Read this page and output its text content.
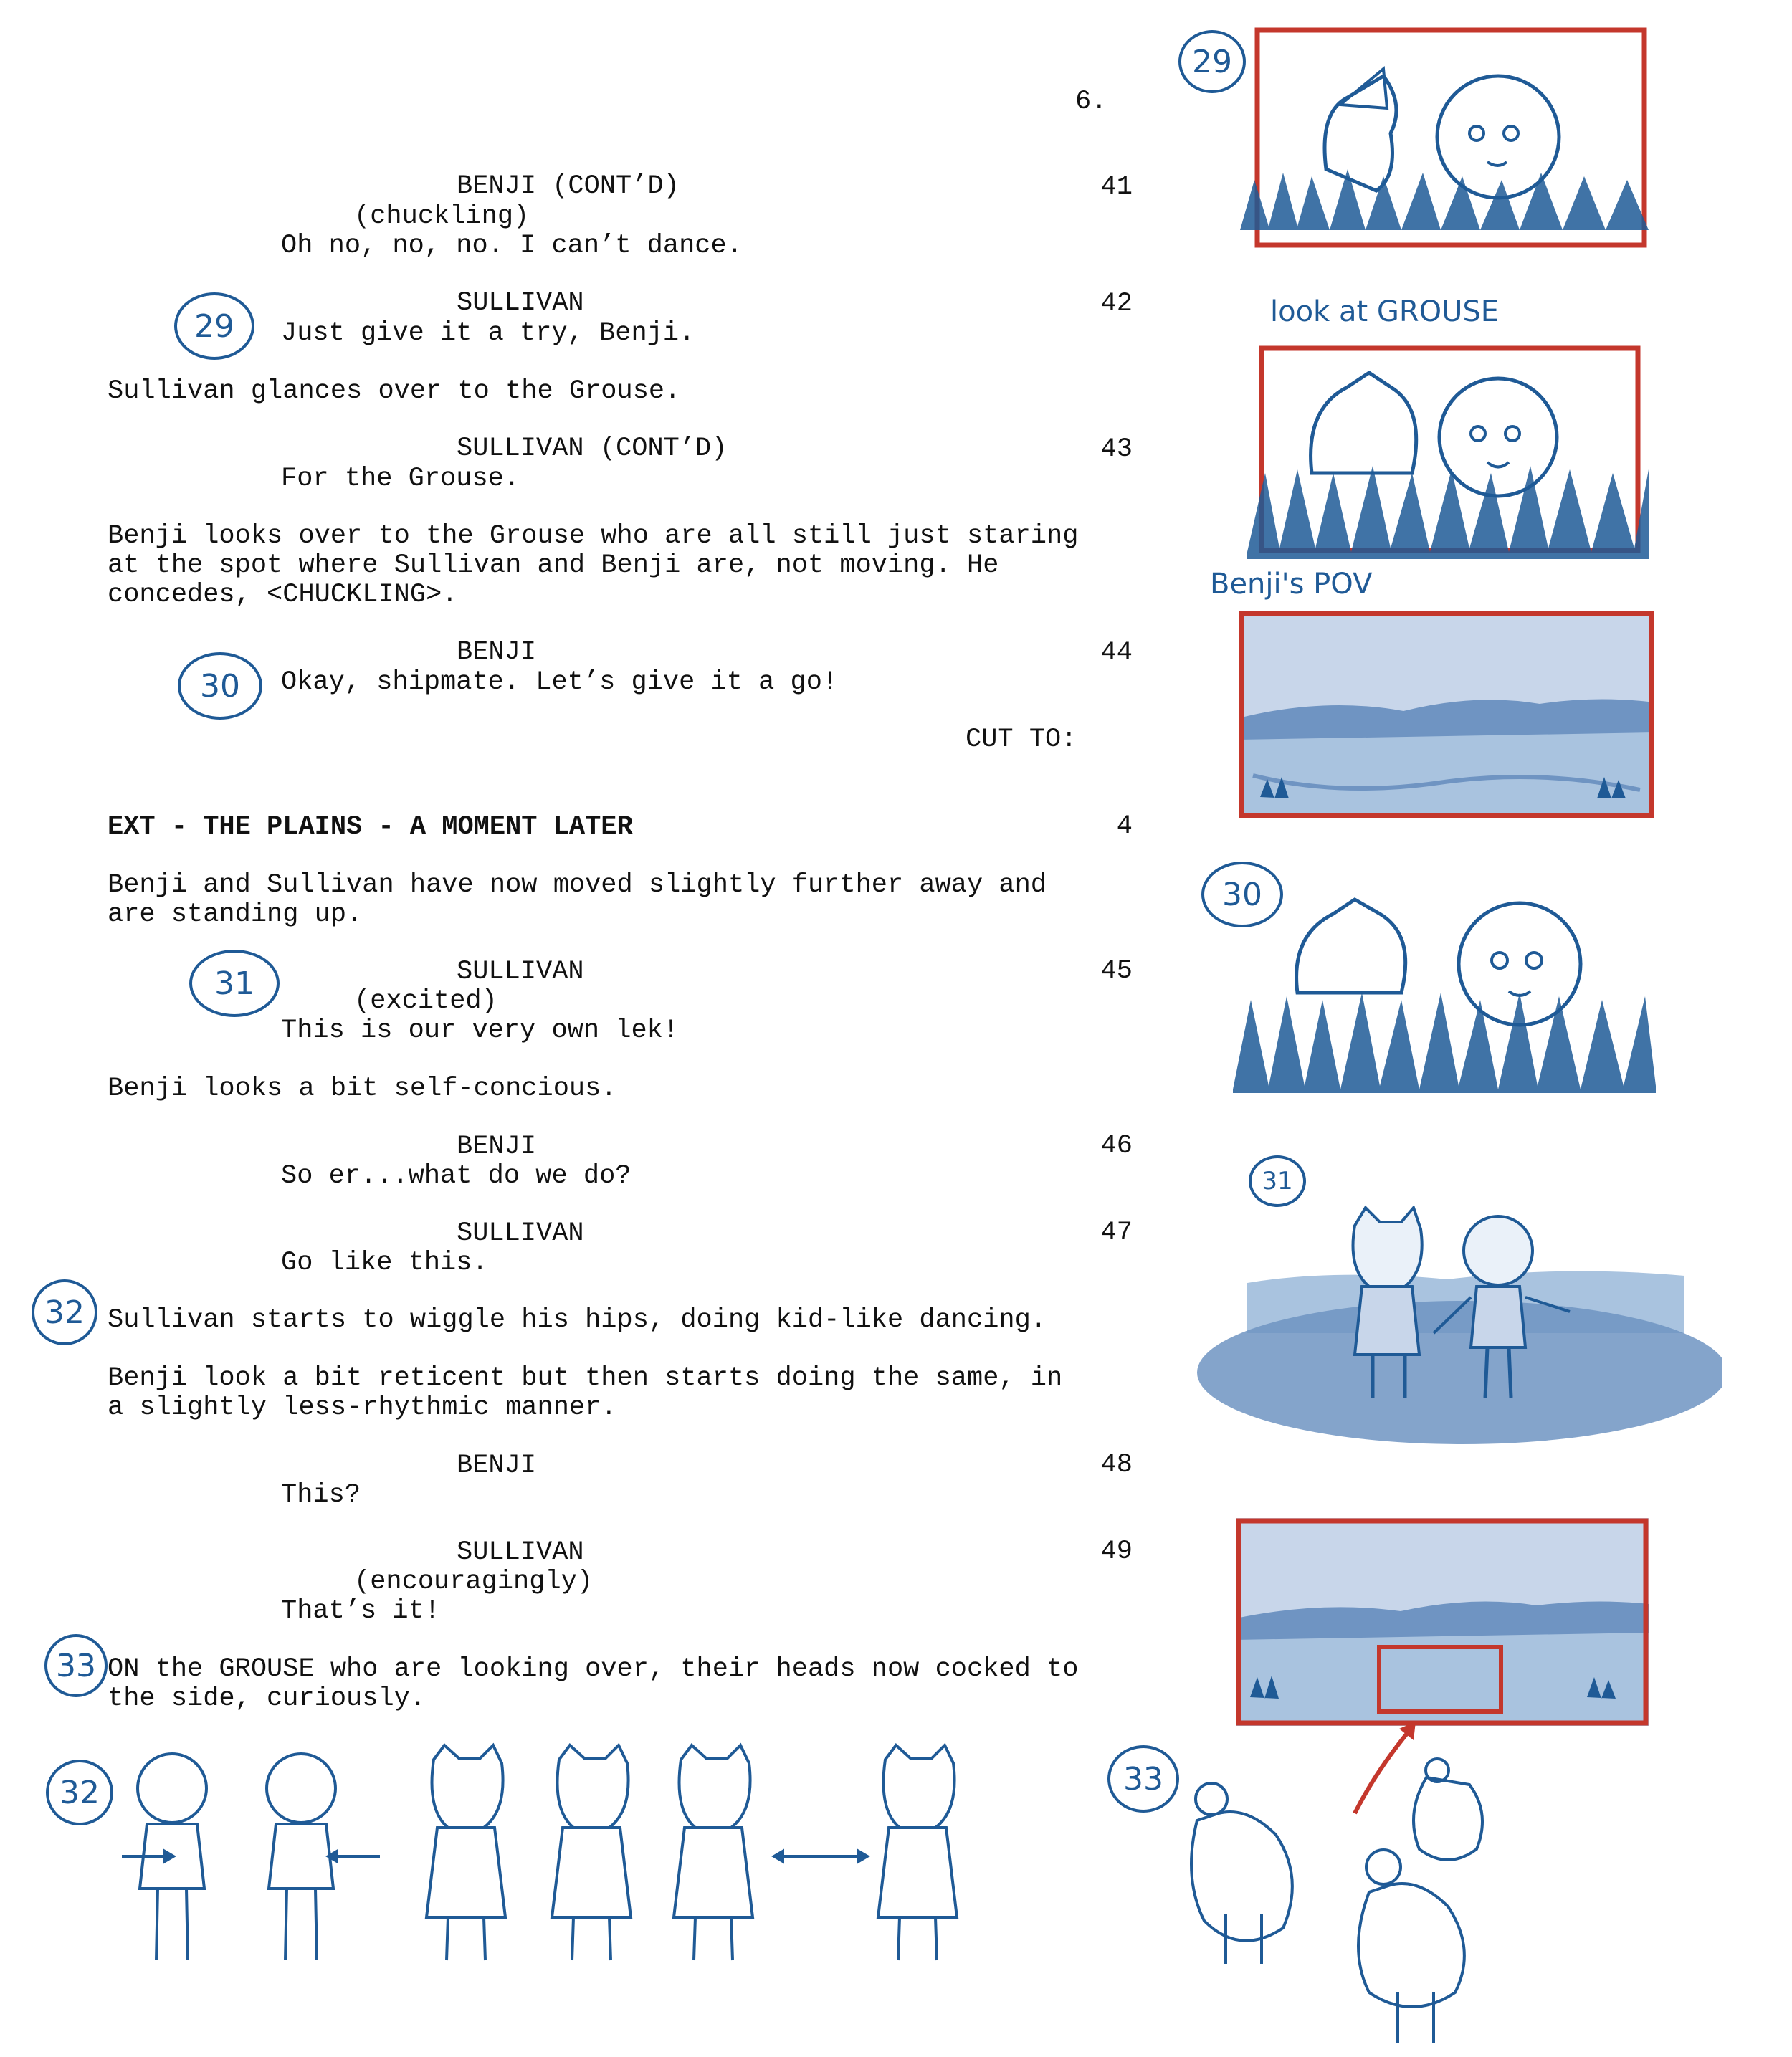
6.
BENJI (CONT’D)	41
(chuckling)
Oh no, no, no. I can’t dance.
SULLIVAN	42
Just give it a try, Benji.
Sullivan glances over to the Grouse.
SULLIVAN (CONT’D)	43
For the Grouse.
Benji looks over to the Grouse who are all still just staring
at the spot where Sullivan and Benji are, not moving. He
concedes, <CHUCKLING>.
BENJI	44
Okay, shipmate. Let’s give it a go!
CUT TO:
EXT - THE PLAINS - A MOMENT LATER	4
Benji and Sullivan have now moved slightly further away and
are standing up.
SULLIVAN	45
(excited)
This is our very own lek!
Benji looks a bit self-concious.
BENJI	46
So er...what do we do?
SULLIVAN	47
Go like this.
Sullivan starts to wiggle his hips, doing kid-like dancing.
Benji look a bit reticent but then starts doing the same, in
a slightly less-rhythmic manner.
BENJI	48
This?
SULLIVAN	49
(encouragingly)
That’s it!
ON the GROUSE who are looking over, their heads now cocked to
the side, curiously.
29
30
31
32
33
29
look at GROUSE
Benji's POV
30
31
33
32
